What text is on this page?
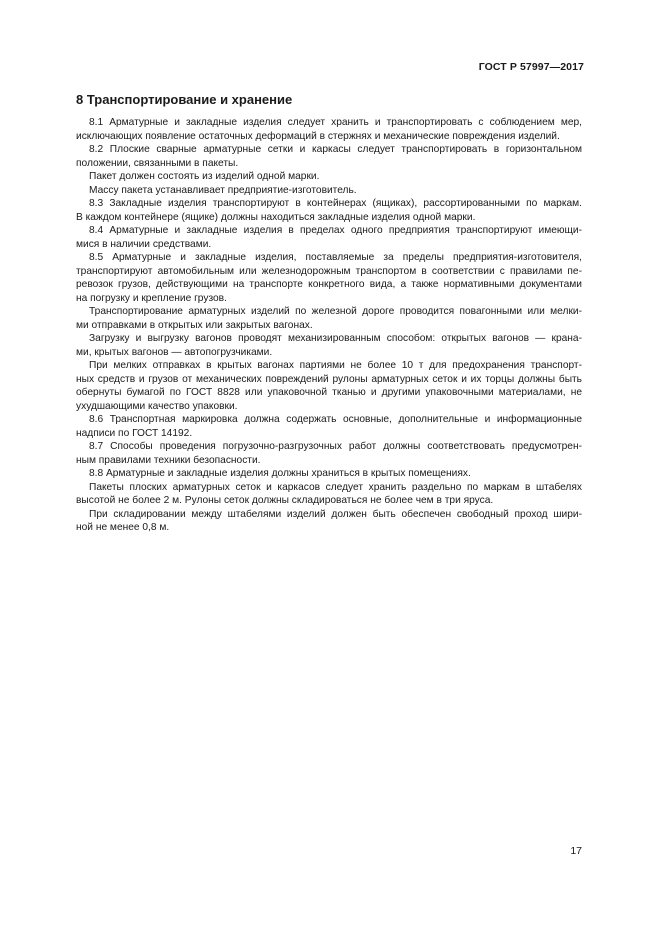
ГОСТ Р 57997—2017
8 Транспортирование и хранение
8.1 Арматурные и закладные изделия следует хранить и транспортировать с соблюдением мер,
исключающих появление остаточных деформаций в стержнях и механические повреждения изделий.
8.2 Плоские сварные арматурные сетки и каркасы следует транспортировать в горизонтальном
положении, связанными в пакеты.
Пакет должен состоять из изделий одной марки.
Массу пакета устанавливает предприятие-изготовитель.
8.3 Закладные изделия транспортируют в контейнерах (ящиках), рассортированными по маркам.
В каждом контейнере (ящике) должны находиться закладные изделия одной марки.
8.4 Арматурные и закладные изделия в пределах одного предприятия транспортируют имеющи-
мися в наличии средствами.
8.5 Арматурные и закладные изделия, поставляемые за пределы предприятия-изготовителя,
транспортируют автомобильным или железнодорожным транспортом в соответствии с правилами пе-
ревозок грузов, действующими на транспорте конкретного вида, а также нормативными документами
на погрузку и крепление грузов.
Транспортирование арматурных изделий по железной дороге проводится повагонными или мелки-
ми отправками в открытых или закрытых вагонах.
Загрузку и выгрузку вагонов проводят механизированным способом: открытых вагонов — крана-
ми, крытых вагонов — автопогрузчиками.
При мелких отправках в крытых вагонах партиями не более 10 т для предохранения транспорт-
ных средств и грузов от механических повреждений рулоны арматурных сеток и их торцы должны быть
обернуты бумагой по ГОСТ 8828 или упаковочной тканью и другими упаковочными материалами, не
ухудшающими качество упаковки.
8.6 Транспортная маркировка должна содержать основные, дополнительные и информационные
надписи по ГОСТ 14192.
8.7 Способы проведения погрузочно-разгрузочных работ должны соответствовать предусмотрен-
ным правилами техники безопасности.
8.8 Арматурные и закладные изделия должны храниться в крытых помещениях.
Пакеты плоских арматурных сеток и каркасов следует хранить раздельно по маркам в штабелях
высотой не более 2 м. Рулоны сеток должны складироваться не более чем в три яруса.
При складировании между штабелями изделий должен быть обеспечен свободный проход шири-
ной не менее 0,8 м.
17
